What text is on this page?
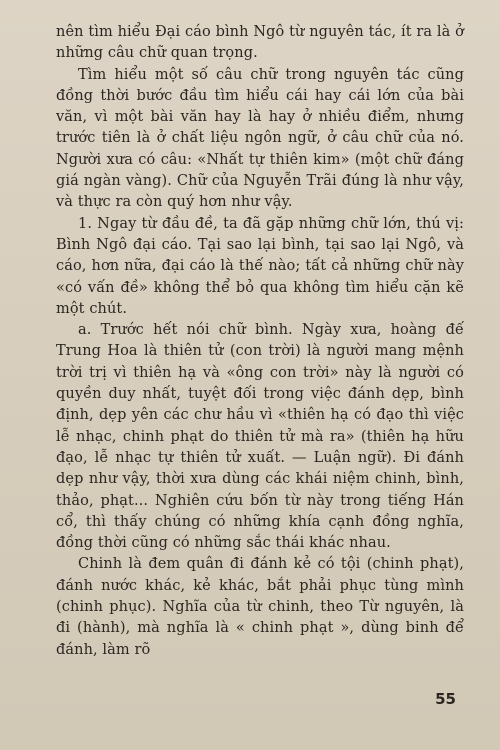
nên tìm hiểu Đại cáo bình Ngô từ nguyên tác, ít ra là ở những câu chữ quan trọng.

Tìm hiểu một số câu chữ trong nguyên tác cũng đồng thời bước đầu tìm hiểu cái hay cái lớn của bài văn, vì một bài văn hay là hay ở nhiều điểm, nhưng trước tiên là ở chất liệu ngôn ngữ, ở câu chữ của nó. Người xưa có câu: «Nhất tự thiên kim» (một chữ đáng giá ngàn vàng). Chữ của Nguyễn Trãi đúng là như vậy, và thực ra còn quý hơn như vậy.

1. Ngay từ đầu đề, ta đã gặp những chữ lớn, thú vị: Bình Ngô đại cáo. Tại sao lại bình, tại sao lại Ngô, và cáo, hơn nữa, đại cáo là thế nào; tất cả những chữ này «có vấn đề» không thể bỏ qua không tìm hiểu cặn kẽ một chút.

a. Trước hết nói chữ bình. Ngày xưa, hoàng đế Trung Hoa là thiên tử (con trời) là người mang mệnh trời trị vì thiên hạ và «ông con trời» này là người có quyền duy nhất, tuyệt đối trong việc đánh dẹp, bình định, dẹp yên các chư hầu vì «thiên hạ có đạo thì việc lễ nhạc, chinh phạt do thiên tử mà ra» (thiên hạ hữu đạo, lễ nhạc tự thiên tử xuất. — Luận ngữ). Đi đánh dẹp như vậy, thời xưa dùng các khái niệm chinh, bình, thảo, phạt... Nghiên cứu bốn từ này trong tiếng Hán cổ, thì thấy chúng có những khía cạnh đồng nghĩa, đồng thời cũng có những sắc thái khác nhau.

Chinh là đem quân đi đánh kẻ có tội (chinh phạt), đánh nước khác, kẻ khác, bắt phải phục tùng mình (chinh phục). Nghĩa của từ chinh, theo Từ nguyên, là đi (hành), mà nghĩa là « chinh phạt », dùng binh để đánh, làm rõ

55
